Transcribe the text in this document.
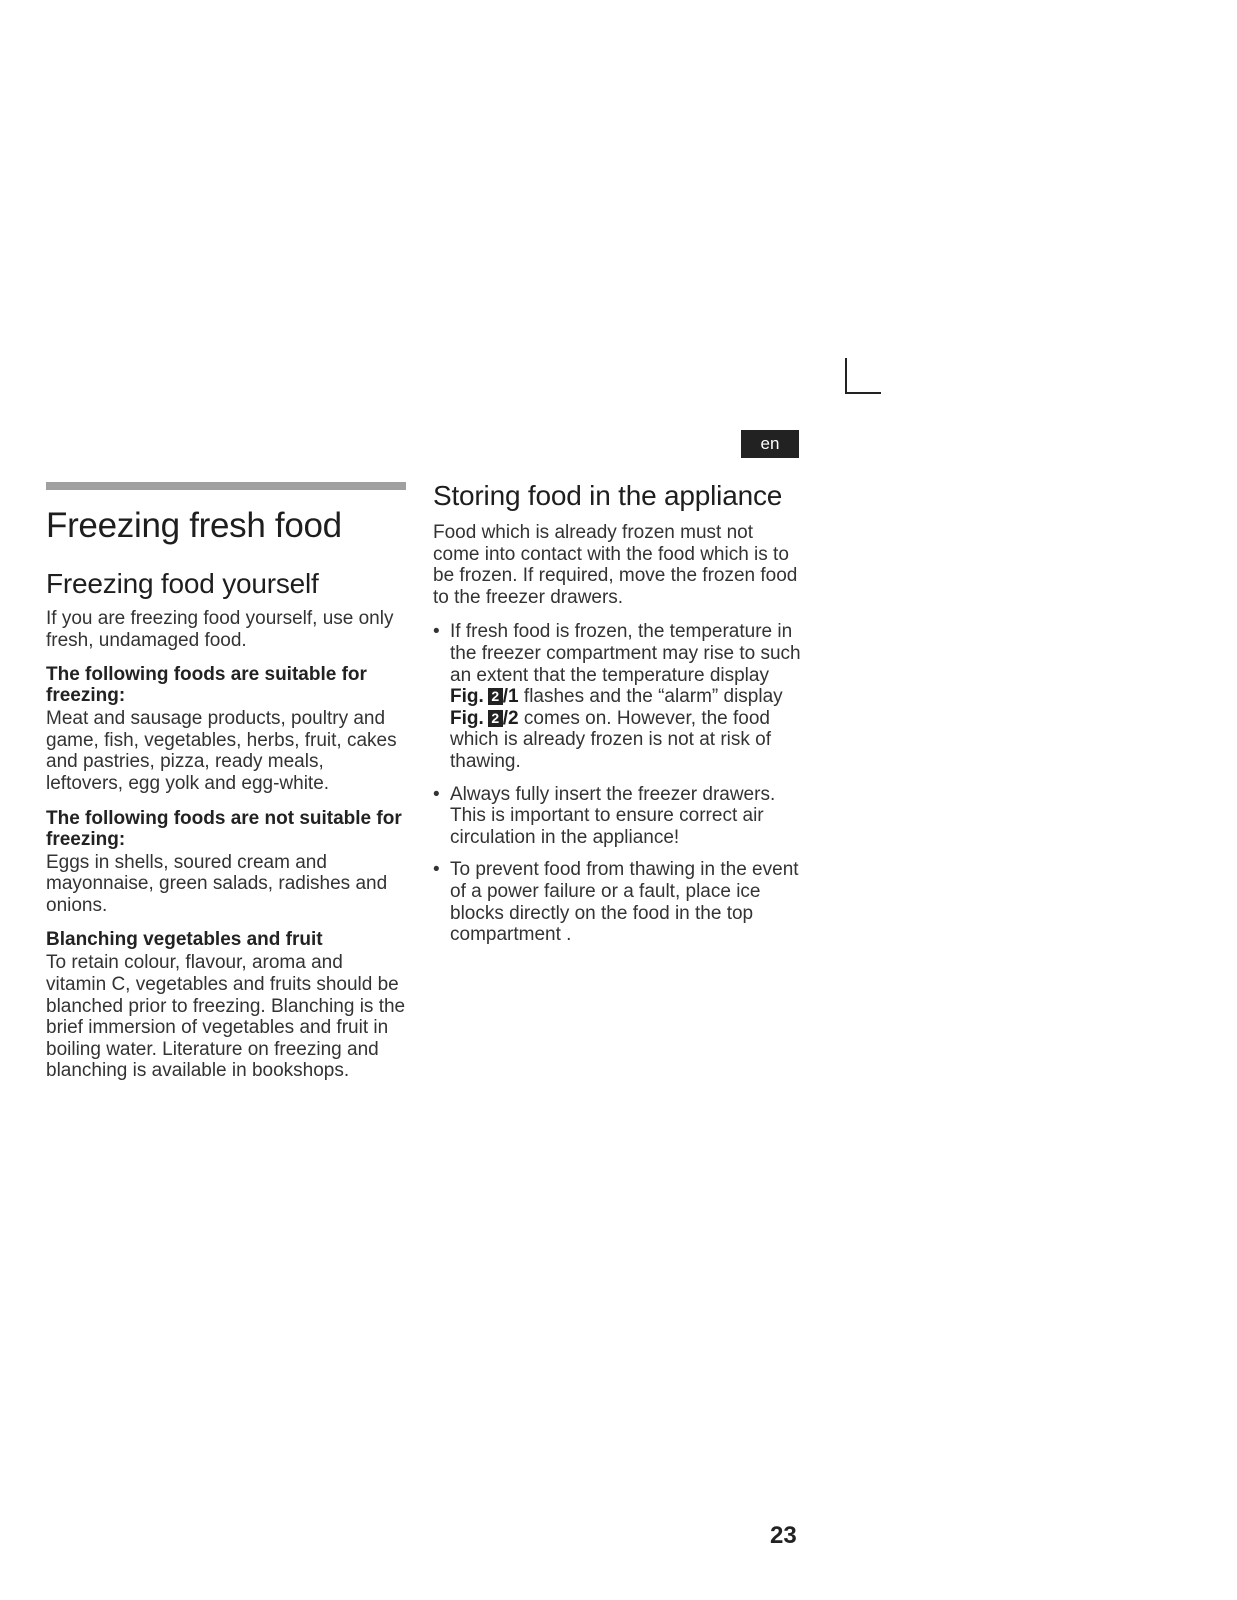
en
Freezing fresh food
Freezing food yourself

If you are freezing food yourself, use only fresh, undamaged food.

The following foods are suitable for freezing:

Meat and sausage products, poultry and game, fish, vegetables, herbs, fruit, cakes and pastries, pizza, ready meals, leftovers, egg yolk and egg-white.

The following foods are not suitable for freezing:

Eggs in shells, soured cream and mayonnaise, green salads, radishes and onions.

Blanching vegetables and fruit

To retain colour, flavour, aroma and vitamin C, vegetables and fruits should be blanched prior to freezing. Blanching is the brief immersion of vegetables and fruit in boiling water. Literature on freezing and blanching is available in bookshops.

Storing food in the appliance

Food which is already frozen must not come into contact with the food which is to be frozen. If required, move the frozen food to the freezer drawers.

• If fresh food is frozen, the temperature in the freezer compartment may rise to such an extent that the temperature display Fig. 2 /1 flashes and the “alarm” display Fig. 2 /2 comes on. However, the food which is already frozen is not at risk of thawing.
• Always fully insert the freezer drawers. This is important to ensure correct air circulation in the appliance!
• To prevent food from thawing in the event of a power failure or a fault, place ice blocks directly on the food in the top compartment .
23
